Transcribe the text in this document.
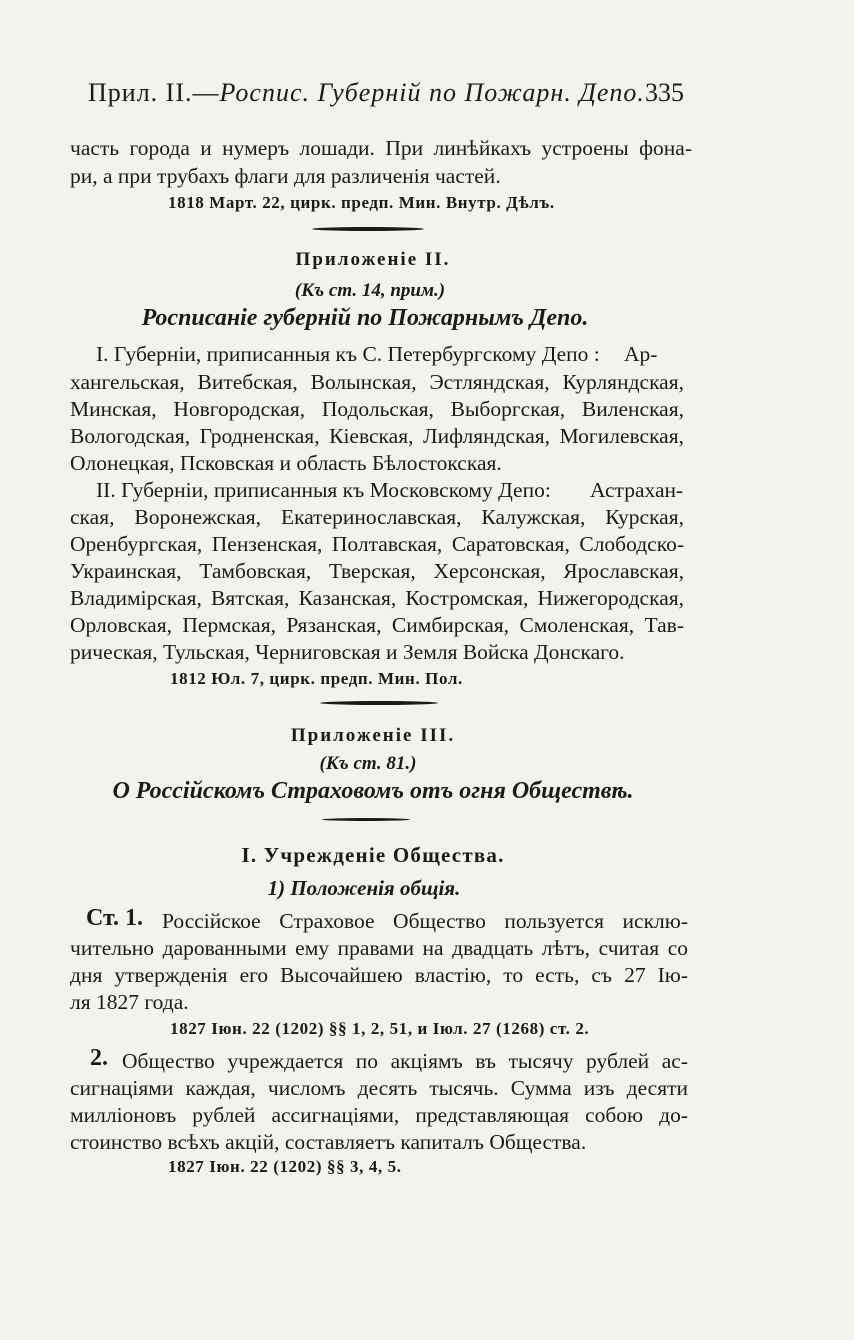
Прил. II.—Роспис. Губерній по Пожарн. Депо. 335
часть города и нумеръ лошади. При линѣйкахъ устроены фона-
ри, а при трубахъ флаги для различенія частей.
1818 Март. 22, цирк. предп. Мин. Внутр. Дѣлъ.
Приложеніе II.
(Къ ст. 14, прим.)
Росписаніе губерній по Пожарнымъ Депо.
I. Губерніи, приписанныя къ С. Петербургскому Депо : Ар-
хангельская, Витебская, Волынская, Эстляндская, Курляндская,
Минская, Новгородская, Подольская, Выборгская, Виленская,
Вологодская, Гродненская, Кіевская, Лифляндская, Могилевская,
Олонецкая, Псковская и область Бѣлостокская.
II. Губерніи, приписанныя къ Московскому Депо: Астрахан-
ская, Воронежская, Екатеринославская, Калужская, Курская,
Оренбургская, Пензенская, Полтавская, Саратовская, Слободско-
Украинская, Тамбовская, Тверская, Херсонская, Ярославская,
Владимірская, Вятская, Казанская, Костромская, Нижегородская,
Орловская, Пермская, Рязанская, Симбирская, Смоленская, Тав-
рическая, Тульская, Черниговская и Земля Войска Донскаго.
1812 Юл. 7, цирк. предп. Мин. Пол.
Приложеніе III.
(Къ ст. 81.)
О Россійскомъ Страховомъ отъ огня Обществѣ.
I. Учрежденіе Общества.
1) Положенія общія.
Ст. 1. Россійское Страховое Общество пользуется исклю-
чительно дарованными ему правами на двадцать лѣтъ, считая со
дня утвержденія его Высочайшею властію, то есть, съ 27 Ію-
ля 1827 года.
1827 Іюн. 22 (1202) §§ 1, 2, 51, и Іюл. 27 (1268) ст. 2.
2. Общество учреждается по акціямъ въ тысячу рублей ас-
сигнаціями каждая, числомъ десять тысячь. Сумма изъ десяти
милліоновъ рублей ассигнаціями, представляющая собою до-
стоинство всѣхъ акцій, составляетъ капиталъ Общества.
1827 Іюн. 22 (1202) §§ 3, 4, 5.
